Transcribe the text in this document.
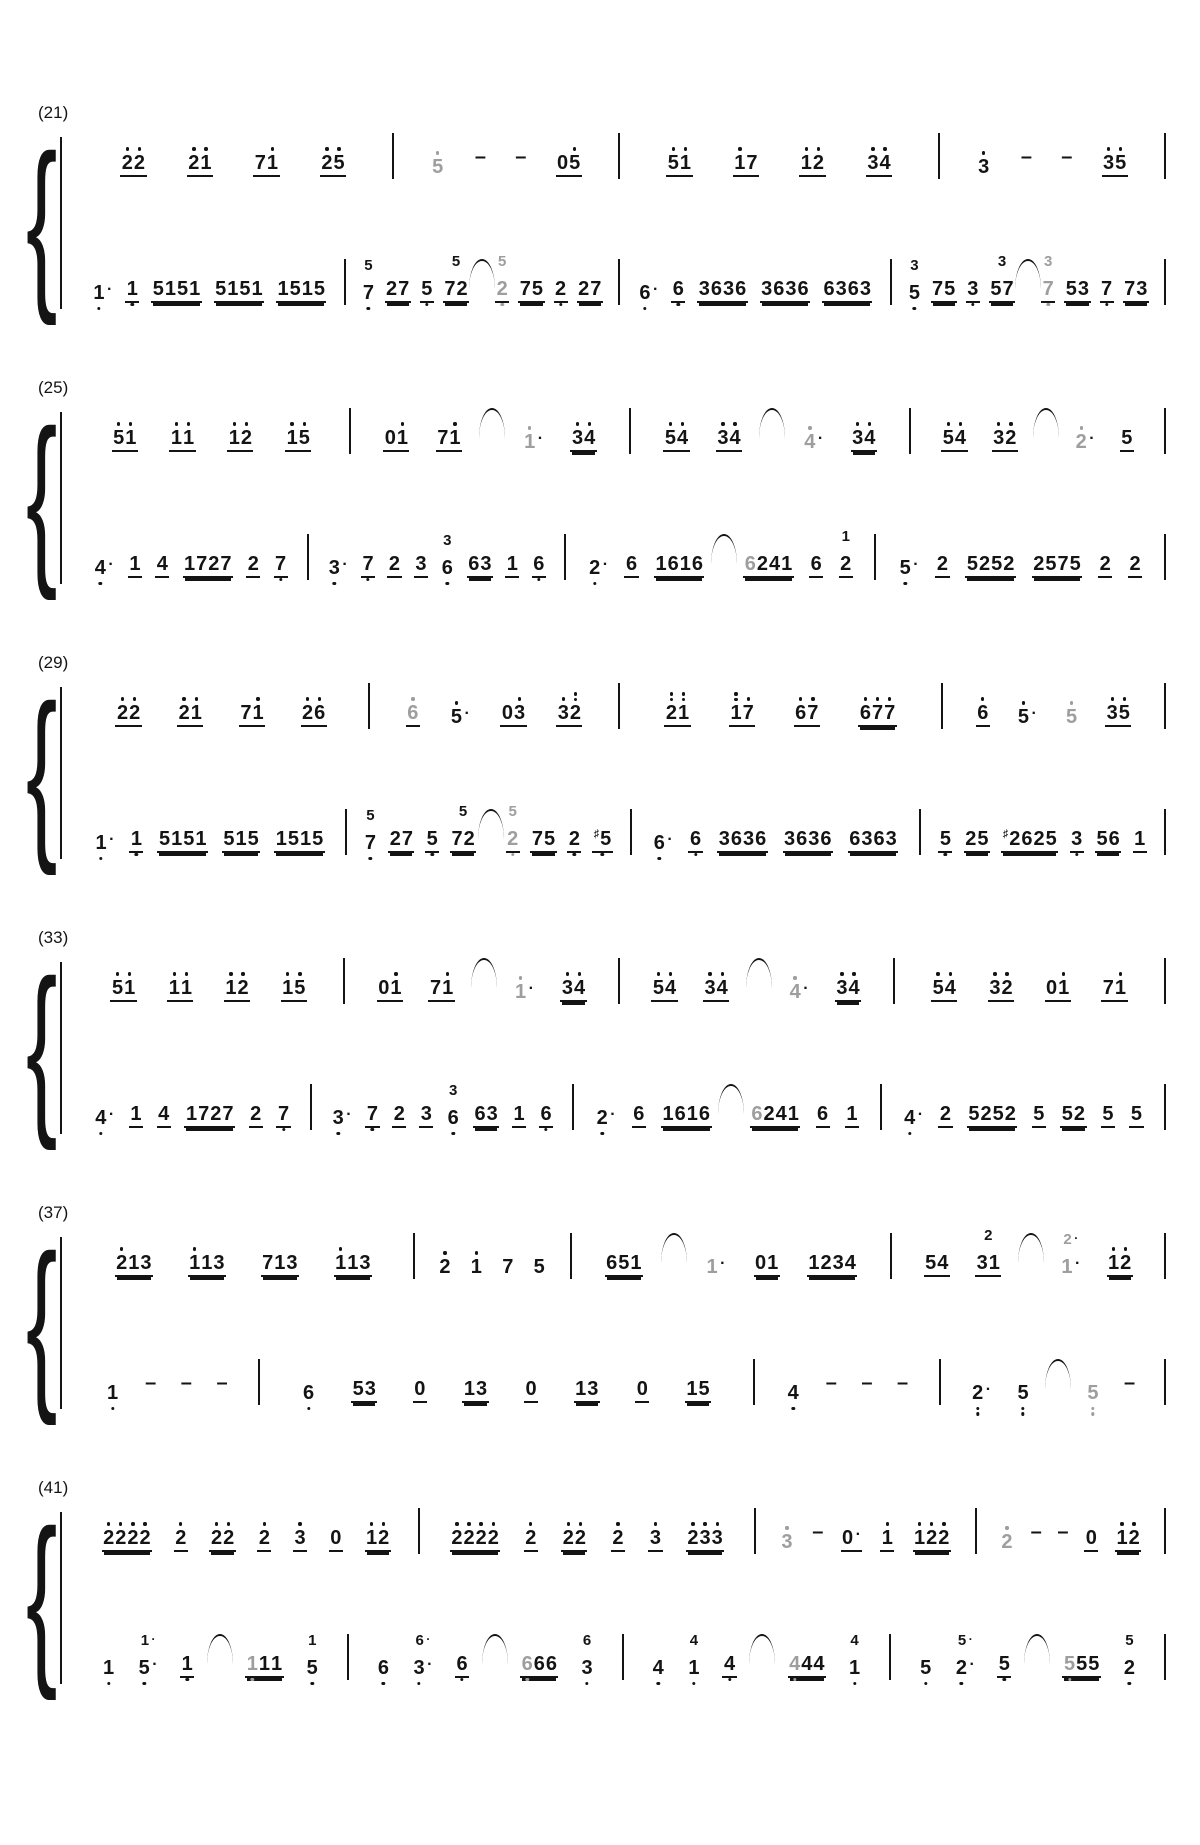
(21)
{	2 2 2 1 7 1 2 5	5 – – 0 5	5 1 1 7 1 2 3 4	3 – – 3 5
1 · 1 5 1 5 1 5 1 5 1 1 5 1 5 7
5
2 7 5 7 2
5
2
5
7 5 2 2 7 6 · 6 3 6 3 6 3 6 3 6 6 3 6 3 5
3
7 5 3 5 7
3
7
3
5 3 7 7 3
(25)
{	5 1 1 1 1 2 1 5	0 1 7 1	1 · 3 4	5 4 3 4	4 · 3 4	5 4 3 2	2 · 5
4 · 1 4 1 7 2 7 2 7 3 · 7 2 3 6
3
6 3 1 6 2 · 6 1 6 1 6 6 2 4 1 6 2
1
5 · 2 5 2 5 2 2 5 7 5 2 2
(29)
{	2 2 2 1 7 1 2 6	6 5 · 0 3 3 2	2 1 1 7 6 7 6 7 7	6 5 · 5 3 5
1 · 1 5 1 5 1 5 1 5 1 5 1 5 7
5
2 7 5 7 2
5
2
5
7 5 2 ♯5 6 · 6 3 6 3 6 3 6 3 6 6 3 6 3 5 2 5 ♯2 6 2 5 3 5 6 1
(33)
{	5 1 1 1 1 2 1 5	0 1 7 1	1 · 3 4	5 4 3 4	4 · 3 4	5 4 3 2 0 1 7 1
4 · 1 4 1 7 2 7 2 7 3 · 7 2 3 6
3
6 3 1 6 2 · 6 1 6 1 6 6 2 4 1 6 1 4 · 2 5 2 5 2 5 5 2 5 5
(37)
{	2 1 3 1 1 3 7 1 3 1 1 3	2 1 7 5	6 5 1	1 · 0 1 1 2 3 4	5 4 3 1
2
1 ·
2 ·
1 2
1 – – –	6 5 3 0 1 3 0 1 3 0 1 5	4 – – –	2 · 5	5 –
(41)
{ 2 2 2 2 2 2 2 2 3 0 1 2	2 2 2 2 2 2 2 2 3 2 3 3	3 – 0 · 1 1 2 2	2 – – 0 1 2
1 5 ·
1 ·
1	1 1 1 5
1
6 3 ·
6 ·
6	6 6 6 3
6
4 1
4
4	4 4 4 1
4
5 2 ·
5 ·
5	5 5 5 2
5
